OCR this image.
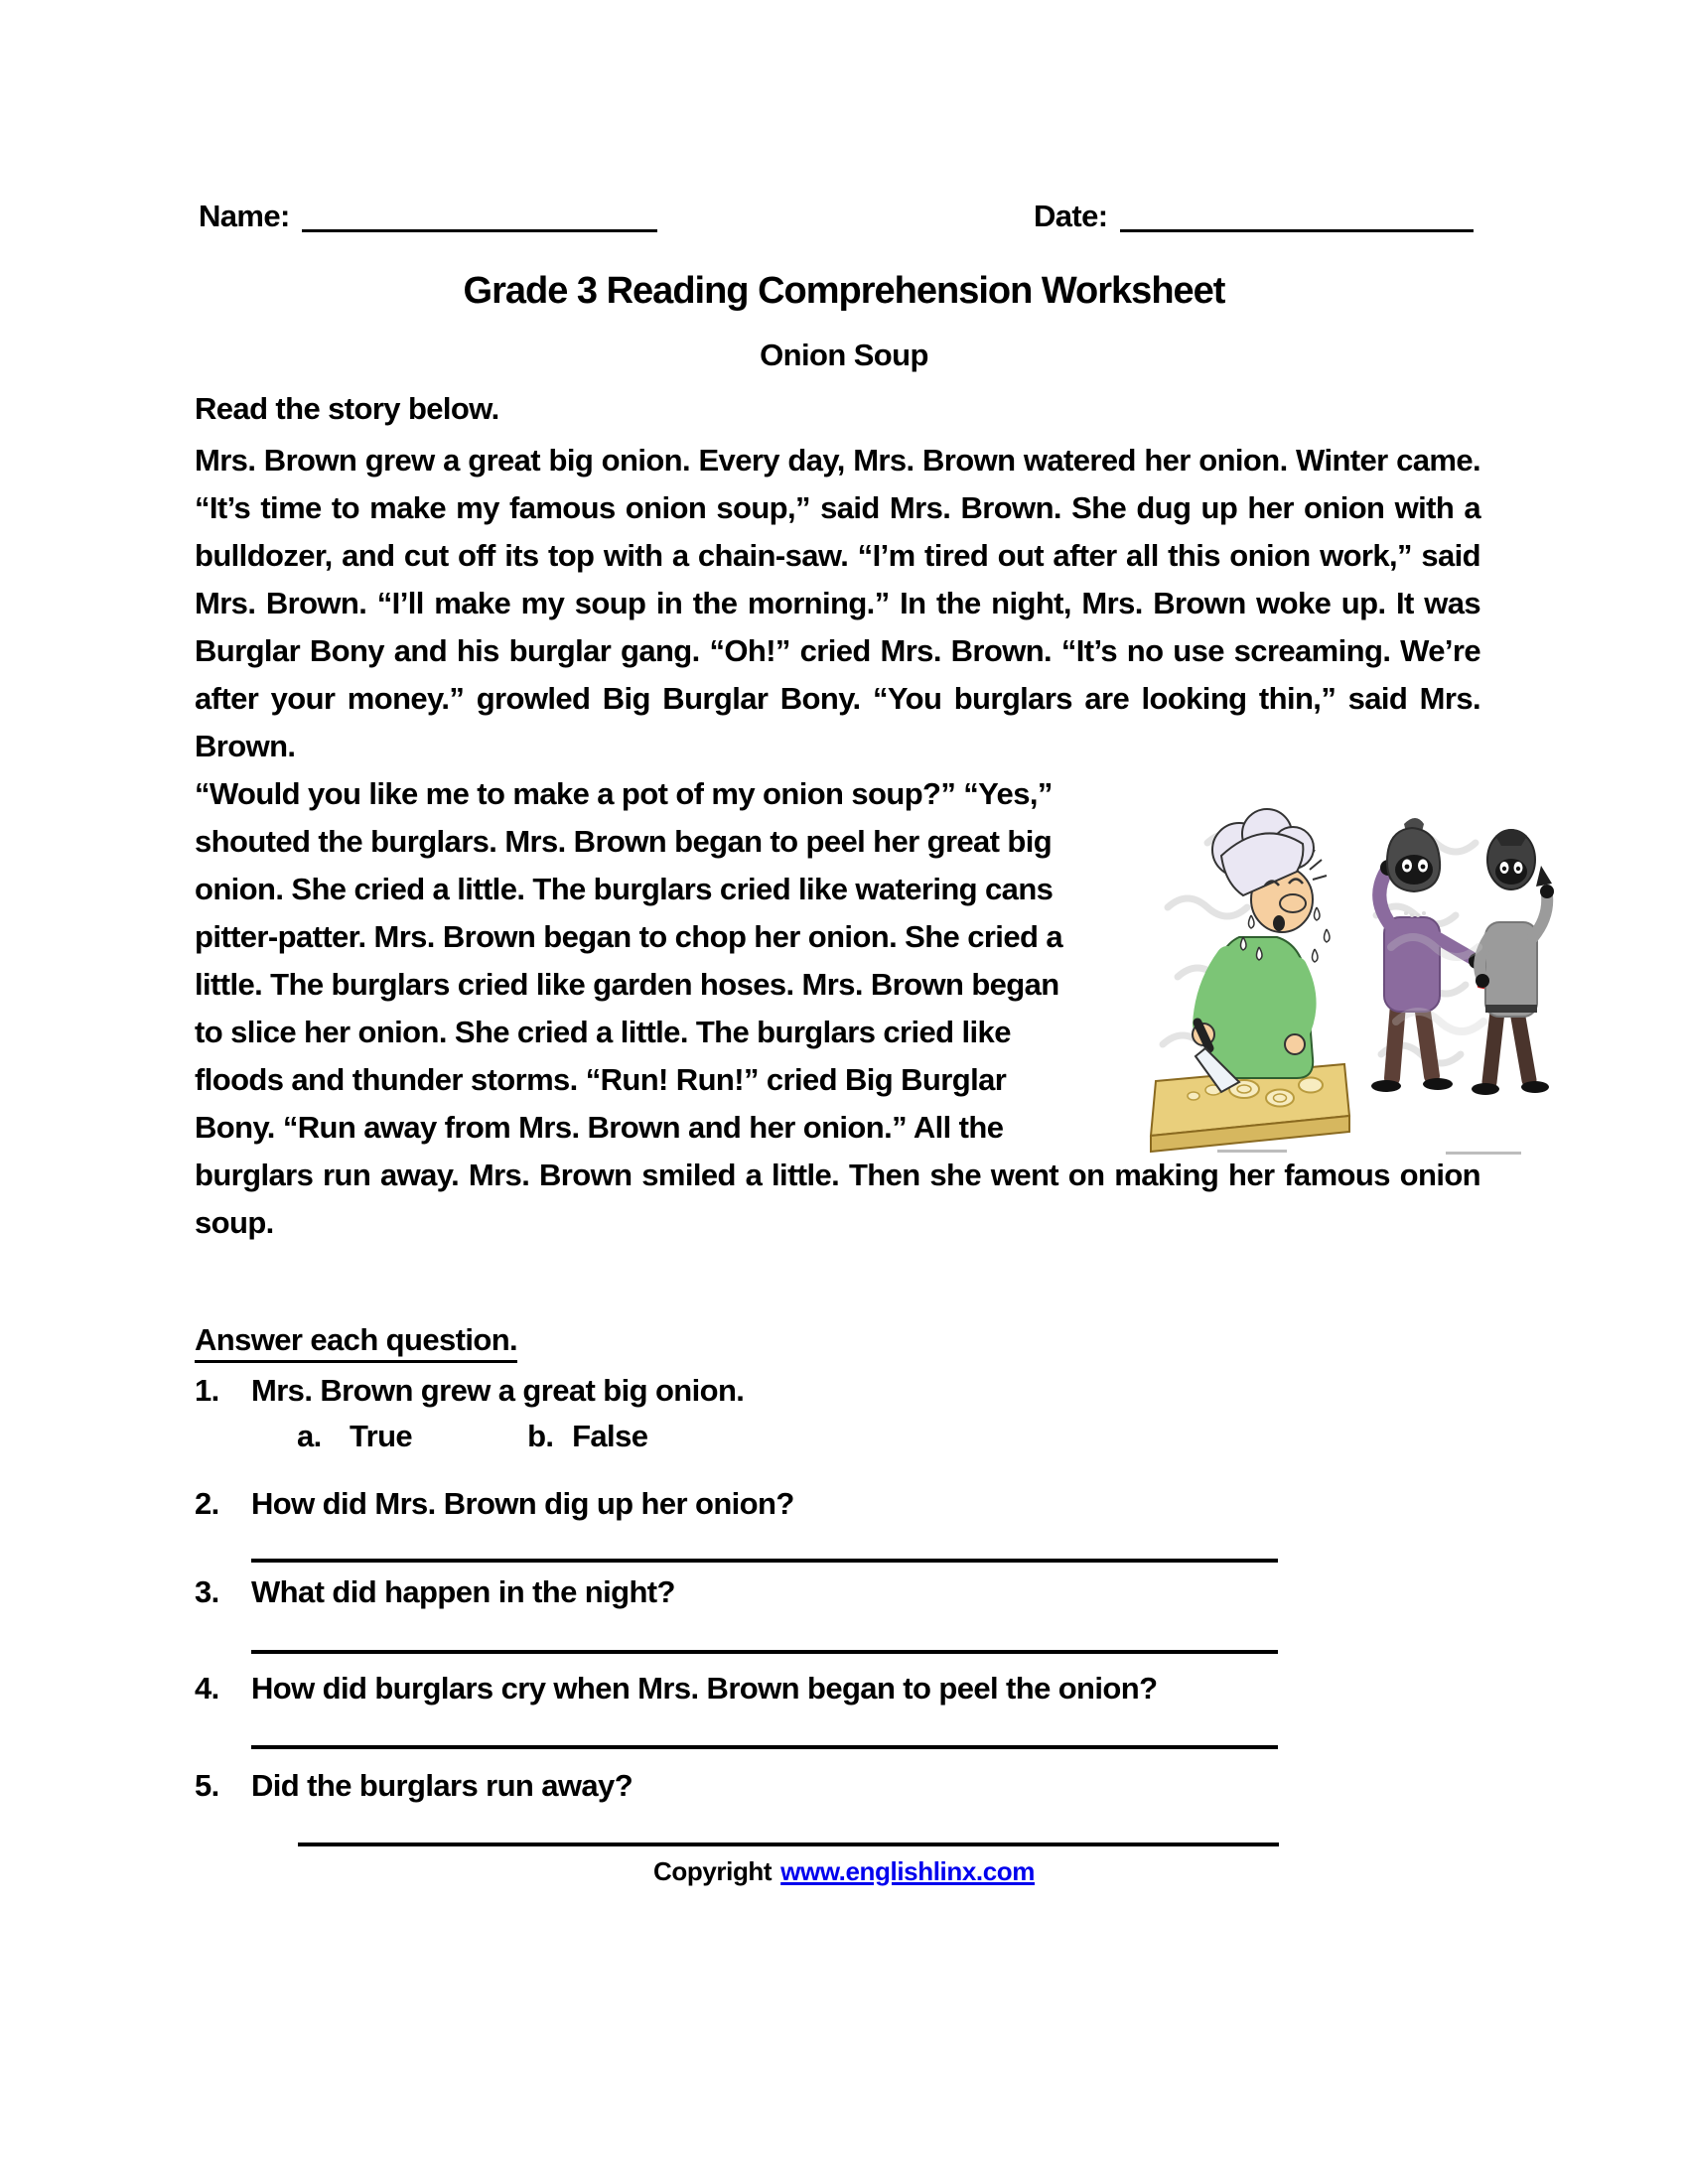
Name:	Date:
Grade 3 Reading Comprehension Worksheet
Onion Soup
Read the story below.

Mrs. Brown grew a great big onion. Every day, Mrs. Brown watered her onion. Winter came. “It’s time to make my famous onion soup,” said Mrs. Brown. She dug up her onion with a bulldozer, and cut off its top with a chain-saw. “I’m tired out after all this onion work,” said Mrs. Brown. “I’ll make my soup in the morning.” In the night, Mrs. Brown woke up. It was Burglar Bony and his burglar gang. “Oh!” cried Mrs. Brown. “It’s no use screaming. We’re after your money.” growled Big Burglar Bony. “You burglars are looking thin,” said Mrs. Brown.

“Would you like me to make a pot of my onion soup?” “Yes,” shouted the burglars. Mrs. Brown began to peel her great big onion. She cried a little. The burglars cried like watering cans pitter-patter. Mrs. Brown began to chop her onion. She cried a little. The burglars cried like garden hoses. Mrs. Brown began to slice her onion. She cried a little. The burglars cried like floods and thunder storms. “Run! Run!” cried Big Burglar Bony. “Run away from Mrs. Brown and her onion.” All the

burglars run away. Mrs. Brown smiled a little. Then she went on making her famous onion soup.

Answer each question.
1. Mrs. Brown grew a great big onion.
a. True	b. False
2. How did Mrs. Brown dig up her onion?
3. What did happen in the night?
4. How did burglars cry when Mrs. Brown began to peel the onion?
5. Did the burglars run away?
Copyright www.englishlinx.com
